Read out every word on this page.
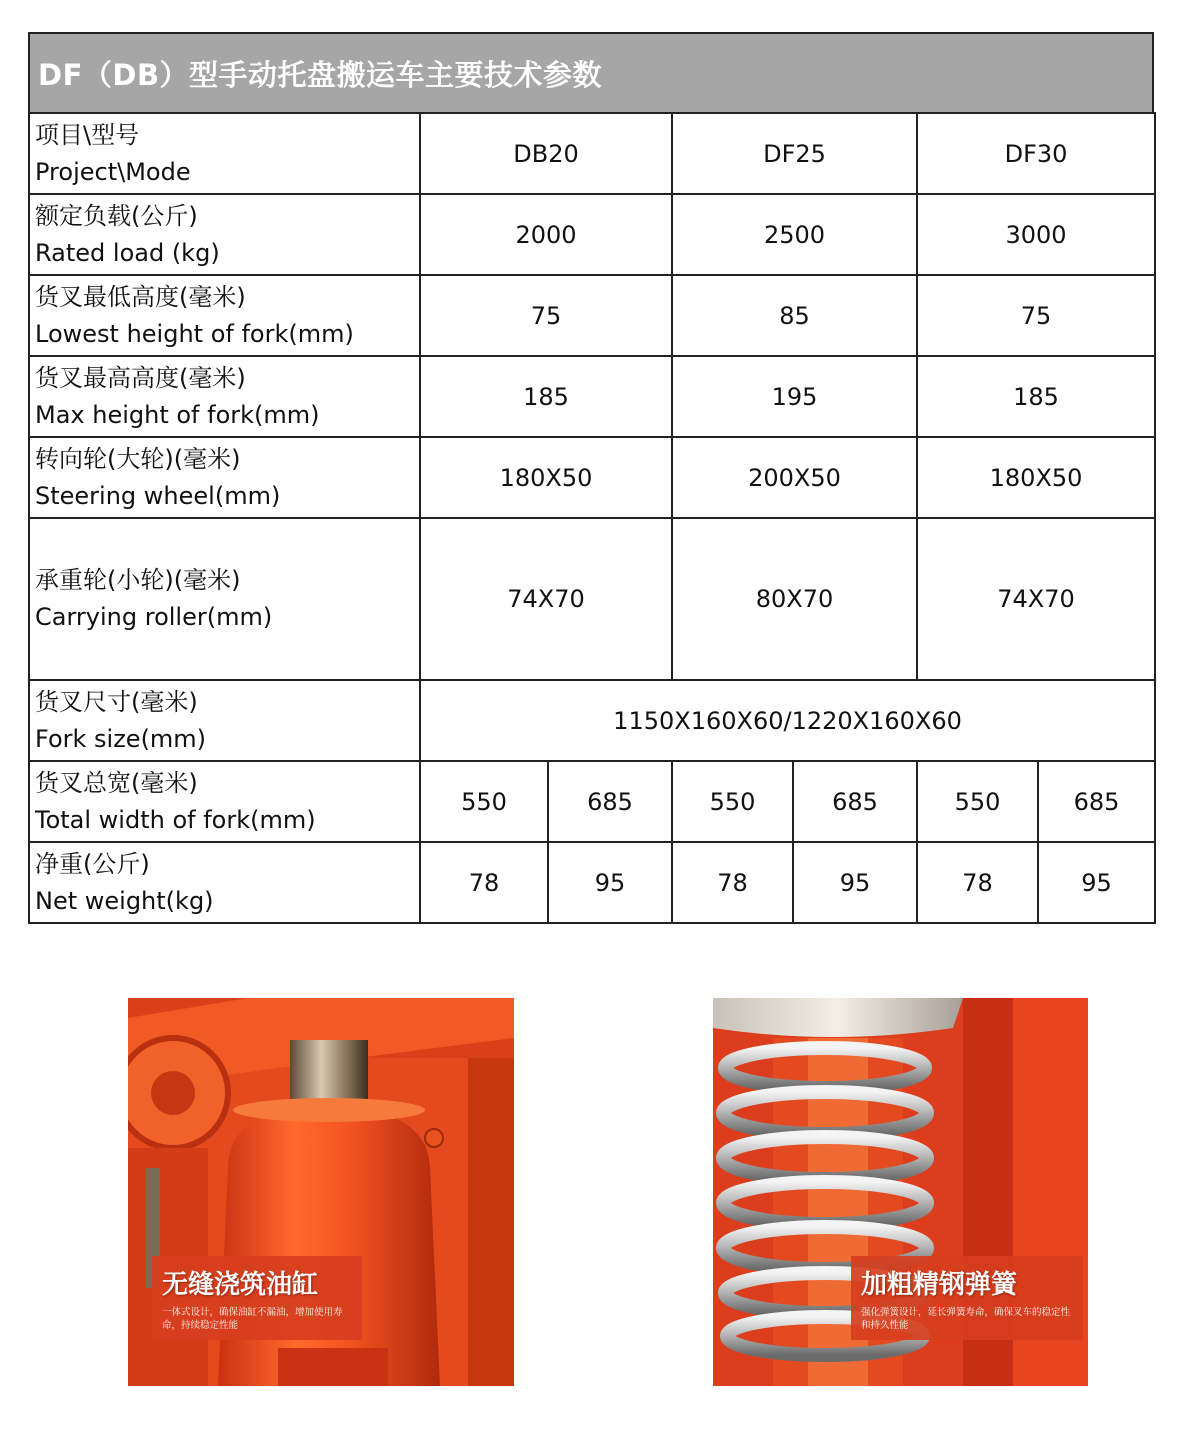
DF（DB）型手动托盘搬运车主要技术参数
项目\型号
Project\Mode	DB20		DF25		DF30	

额定负载(公斤)
Rated load (kg)	2000		2500		3000	

货叉最低高度(毫米)
Lowest height of fork(mm)	75		85		75	

货叉最高高度(毫米)
Max height of fork(mm)	185		195		185	

转向轮(大轮)(毫米)
Steering wheel(mm)	180X50		200X50		180X50	

承重轮(小轮)(毫米)
Carrying roller(mm)	74X70		80X70		74X70	

货叉尺寸(毫米)
Fork size(mm)	1150X160X60/1220X160X60					

货叉总宽(毫米)
Total width of fork(mm)	550	685	550	685	550	685

净重(公斤)
Net weight(kg)	78	95	78	95	78	95
无缝浇筑油缸
一体式设计，确保油缸不漏油，增加使用寿命，持续稳定性能
加粗精钢弹簧
强化弹簧设计，延长弹簧寿命，确保叉车的稳定性和持久性能
